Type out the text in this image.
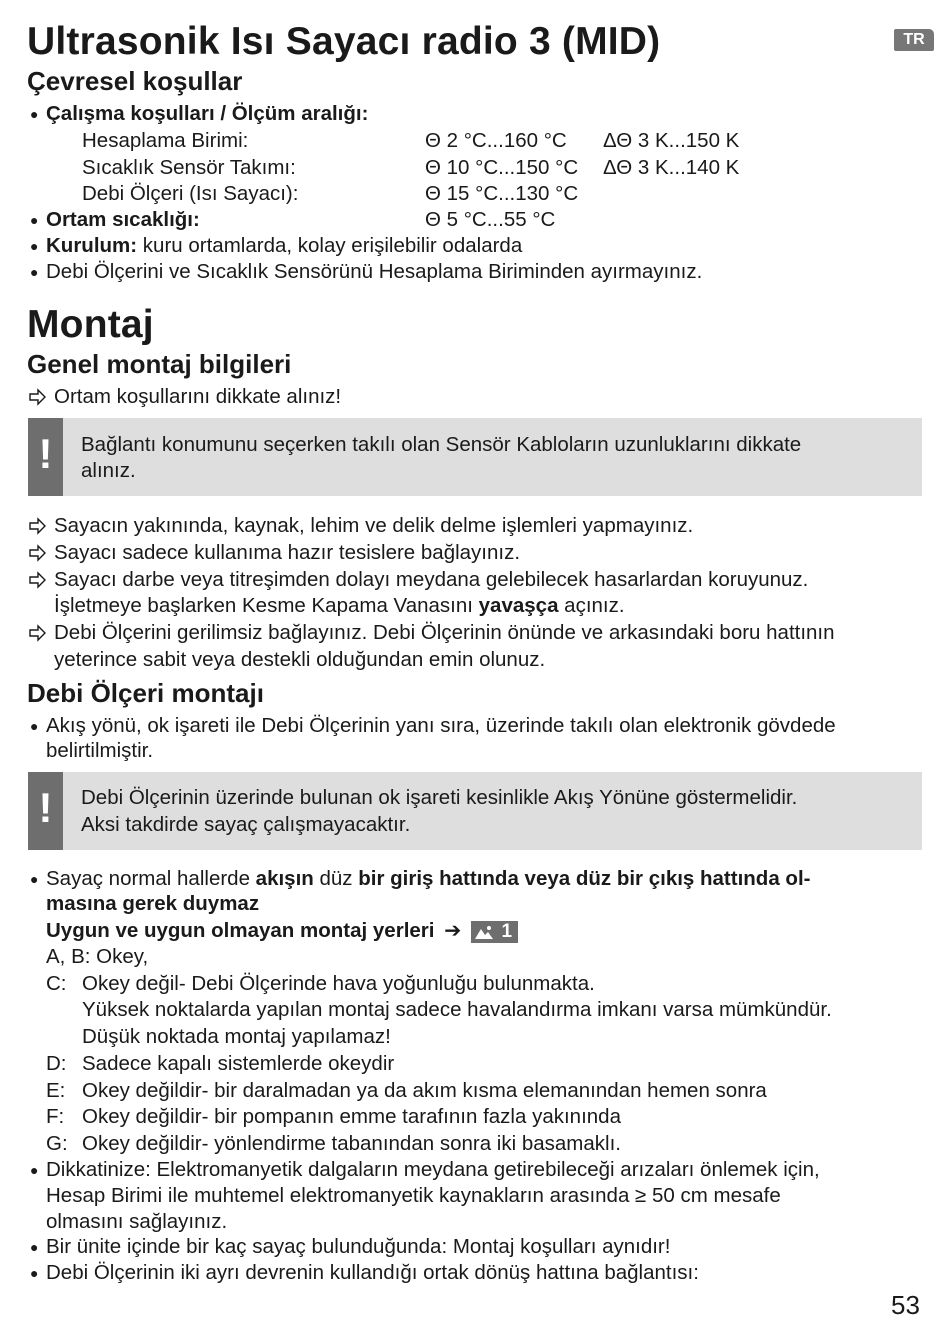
TR
Ultrasonik Isı Sayacı radio 3 (MID)
Çevresel koşullar
● Çalışma koşulları / Ölçüm aralığı:
Hesaplama Birimi:	Θ 2 °C...160 °C ΔΘ 3 K...150 K
Sıcaklık Sensör Takımı:	Θ 10 °C...150 °C ΔΘ 3 K...140 K
Debi Ölçeri (Isı Sayacı):	Θ 15 °C...130 °C
● Ortam sıcaklığı:	Θ 5 °C...55 °C
● Kurulum: kuru ortamlarda, kolay erişilebilir odalarda
● Debi Ölçerini ve Sıcaklık Sensörünü Hesaplama Biriminden ayırmayınız.
Montaj
Genel montaj bilgileri
Ortam koşullarını dikkate alınız!
!	Bağlantı konumunu seçerken takılı olan Sensör Kabloların uzunluklarını dikkate
alınız.
Sayacın yakınında, kaynak, lehim ve delik delme işlemleri yapmayınız.
Sayacı sadece kullanıma hazır tesislere bağlayınız.
Sayacı darbe veya titreşimden dolayı meydana gelebilecek hasarlardan koruyunuz.
İşletmeye başlarken Kesme Kapama Vanasını yavaşça açınız.
Debi Ölçerini gerilimsiz bağlayınız. Debi Ölçerinin önünde ve arkasındaki boru hattının
yeterince sabit veya destekli olduğundan emin olunuz.
Debi Ölçeri montajı
● Akış yönü, ok işareti ile Debi Ölçerinin yanı sıra, üzerinde takılı olan elektronik gövdede
belirtilmiştir.
!	Debi Ölçerinin üzerinde bulunan ok işareti kesinlikle Akış Yönüne göstermelidir.
Aksi takdirde sayaç çalışmayacaktır.
● Sayaç normal hallerde akışın düz bir giriş hattında veya düz bir çıkış hattında ol-
masına gerek duymaz
Uygun ve uygun olmayan montaj yerleri ➔ 1
A, B: Okey,
C: Okey değil- Debi Ölçerinde hava yoğunluğu bulunmakta.
Yüksek noktalarda yapılan montaj sadece havalandırma imkanı varsa mümkündür.
Düşük noktada montaj yapılamaz!
D: Sadece kapalı sistemlerde okeydir
E: Okey değildir- bir daralmadan ya da akım kısma elemanından hemen sonra
F: Okey değildir- bir pompanın emme tarafının fazla yakınında
G: Okey değildir- yönlendirme tabanından sonra iki basamaklı.
● Dikkatinize: Elektromanyetik dalgaların meydana getirebileceği arızaları önlemek için,
Hesap Birimi ile muhtemel elektromanyetik kaynakların arasında ≥ 50 cm mesafe
olmasını sağlayınız.
● Bir ünite içinde bir kaç sayaç bulunduğunda: Montaj koşulları aynıdır!
● Debi Ölçerinin iki ayrı devrenin kullandığı ortak dönüş hattına bağlantısı:
53
